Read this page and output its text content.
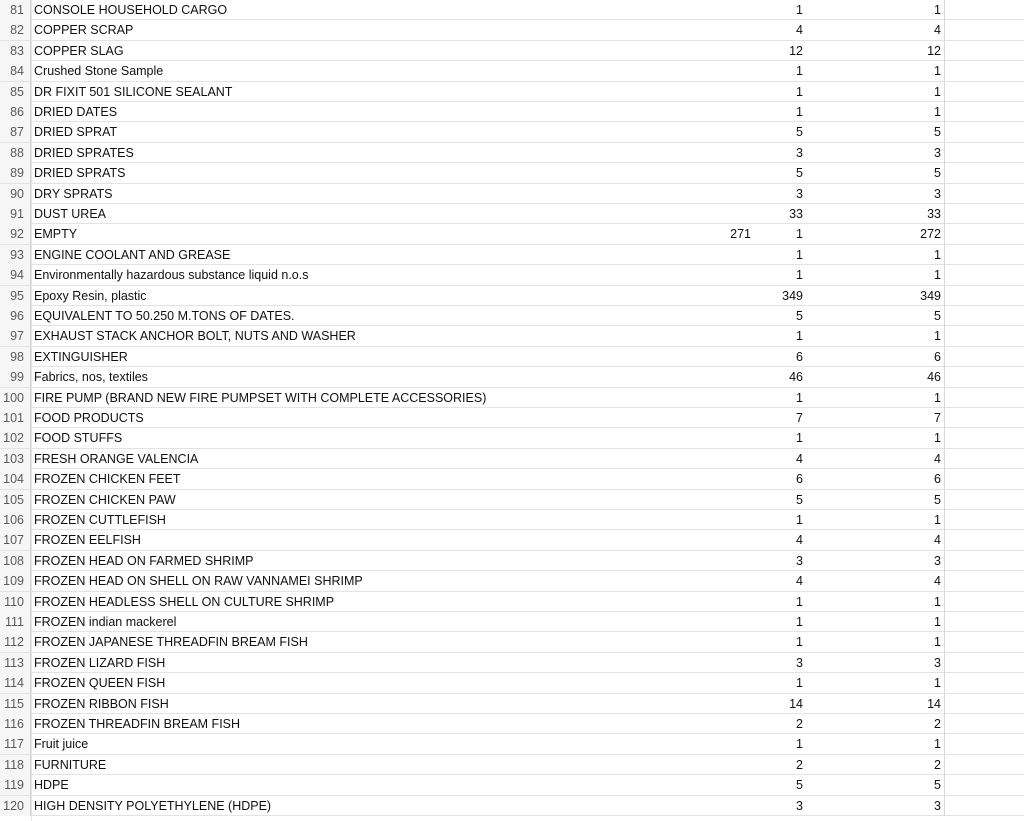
81 CONSOLE HOUSEHOLD CARGO	1	1
82 COPPER SCRAP	4	4
83 COPPER SLAG	12	12
84 Crushed Stone Sample	1	1
85 DR FIXIT 501 SILICONE SEALANT	1	1
86 DRIED DATES	1	1
87 DRIED SPRAT	5	5
88 DRIED SPRATES	3	3
89 DRIED SPRATS	5	5
90 DRY SPRATS	3	3
91 DUST UREA	33	33
92 EMPTY	271	1	272
93 ENGINE COOLANT AND GREASE	1	1
94 Environmentally hazardous substance liquid n.o.s	1	1
95 Epoxy Resin, plastic	349	349
96 EQUIVALENT TO 50.250 M.TONS OF DATES.	5	5
97 EXHAUST STACK ANCHOR BOLT, NUTS AND WASHER	1	1
98 EXTINGUISHER	6	6
99 Fabrics, nos, textiles	46	46
100 FIRE PUMP (BRAND NEW FIRE PUMPSET WITH COMPLETE ACCESSORIES)	1	1
101 FOOD PRODUCTS	7	7
102 FOOD STUFFS	1	1
103 FRESH ORANGE VALENCIA	4	4
104 FROZEN CHICKEN FEET	6	6
105 FROZEN CHICKEN PAW	5	5
106 FROZEN CUTTLEFISH	1	1
107 FROZEN EELFISH	4	4
108 FROZEN HEAD ON FARMED SHRIMP	3	3
109 FROZEN HEAD ON SHELL ON RAW VANNAMEI SHRIMP	4	4
110 FROZEN HEADLESS SHELL ON CULTURE SHRIMP	1	1
111 FROZEN indian mackerel	1	1
112 FROZEN JAPANESE THREADFIN BREAM FISH	1	1
113 FROZEN LIZARD FISH	3	3
114 FROZEN QUEEN FISH	1	1
115 FROZEN RIBBON FISH	14	14
116 FROZEN THREADFIN BREAM FISH	2	2
117 Fruit juice	1	1
118 FURNITURE	2	2
119 HDPE	5	5
120 HIGH DENSITY POLYETHYLENE (HDPE)	3	3
